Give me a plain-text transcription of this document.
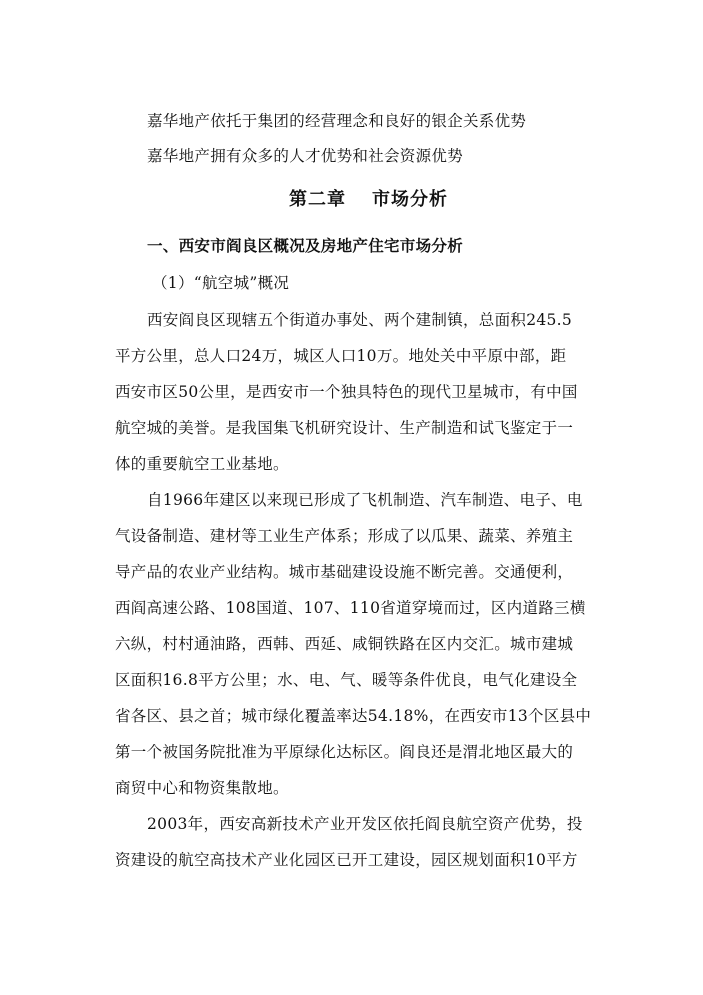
嘉华地产依托于集团的经营理念和良好的银企关系优势
嘉华地产拥有众多的人才优势和社会资源优势
第二章 市场分析
一、西安市阎良区概况及房地产住宅市场分析
（1）“航空城”概况
西安阎良区现辖五个街道办事处、两个建制镇，总面积245.5
平方公里，总人口24万，城区人口10万。地处关中平原中部，距
西安市区50公里，是西安市一个独具特色的现代卫星城市，有中国
航空城的美誉。是我国集飞机研究设计、生产制造和试飞鉴定于一
体的重要航空工业基地。
自1966年建区以来现已形成了飞机制造、汽车制造、电子、电
气设备制造、建材等工业生产体系；形成了以瓜果、蔬菜、养殖主
导产品的农业产业结构。城市基础建设设施不断完善。交通便利，
西阎高速公路、108国道、107、110省道穿境而过，区内道路三横
六纵，村村通油路，西韩、西延、咸铜铁路在区内交汇。城市建城
区面积16.8平方公里；水、电、气、暖等条件优良，电气化建设全
省各区、县之首；城市绿化覆盖率达54.18%，在西安市13个区县中
第一个被国务院批准为平原绿化达标区。阎良还是渭北地区最大的
商贸中心和物资集散地。
2003年，西安高新技术产业开发区依托阎良航空资产优势，投
资建设的航空高技术产业化园区已开工建设，园区规划面积10平方
